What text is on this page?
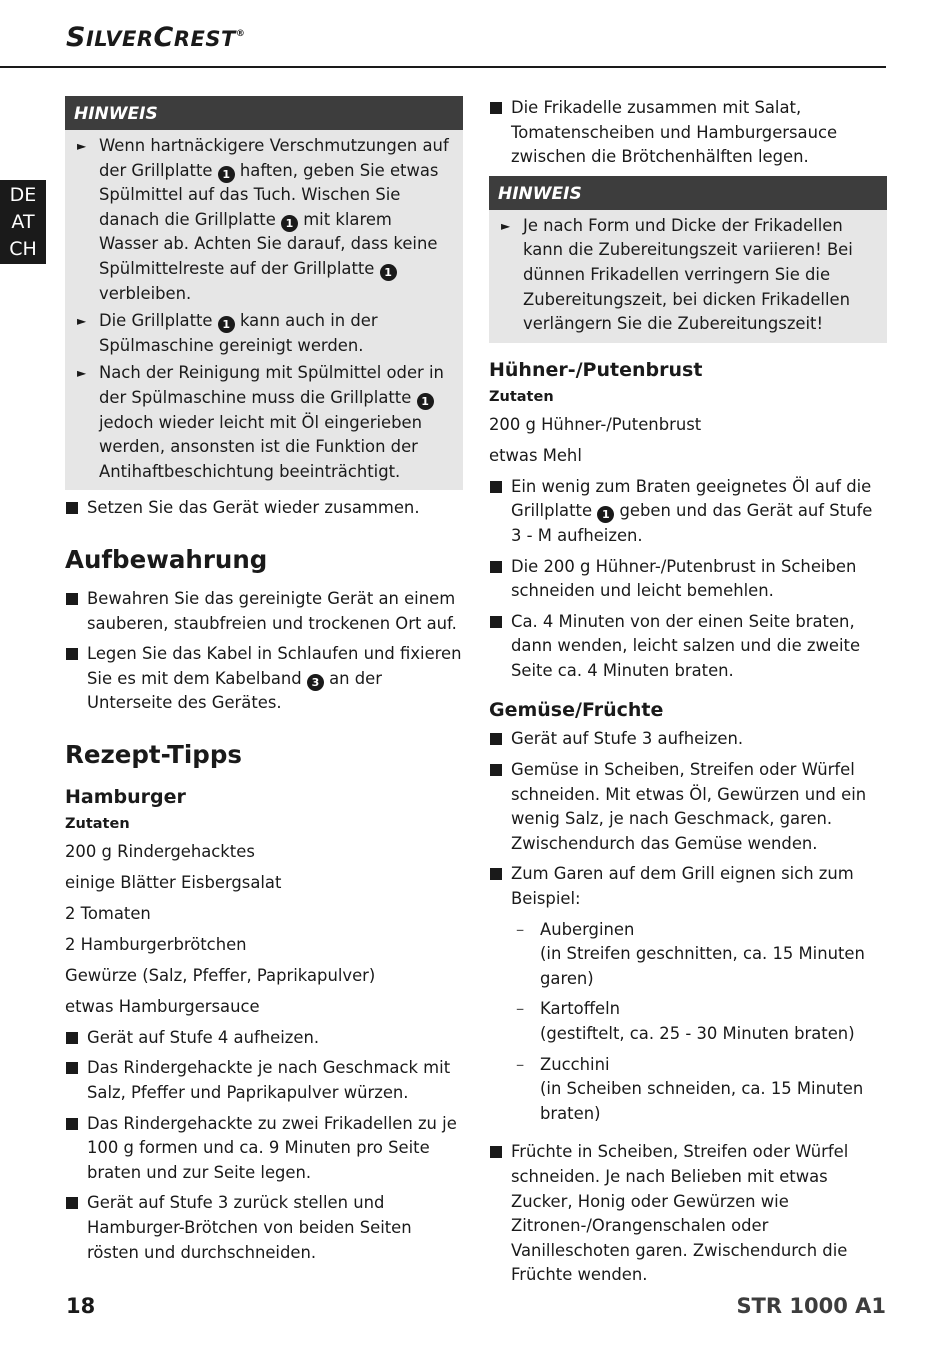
SILVERCREST®
DE
AT
CH
HINWEIS
► Wenn hartnäckigere Verschmutzungen auf der Grillplatte 1 haften, geben Sie etwas Spülmittel auf das Tuch. Wischen Sie danach die Grillplatte 1 mit klarem Wasser ab. Achten Sie darauf, dass keine Spülmittelreste auf der Grillplatte 1 verbleiben.
► Die Grillplatte 1 kann auch in der Spülmaschine gereinigt werden.
► Nach der Reinigung mit Spülmittel oder in der Spülmaschine muss die Grillplatte 1 jedoch wieder leicht mit Öl eingerieben werden, ansonsten ist die Funktion der Antihaftbeschichtung beeinträchtigt.
Setzen Sie das Gerät wieder zusammen.
Aufbewahrung
Bewahren Sie das gereinigte Gerät an einem sauberen, staubfreien und trockenen Ort auf.
Legen Sie das Kabel in Schlaufen und fixieren Sie es mit dem Kabelband 3 an der Unterseite des Gerätes.
Rezept-Tipps
Hamburger
Zutaten
200 g Rindergehacktes
einige Blätter Eisbergsalat
2 Tomaten
2 Hamburgerbrötchen
Gewürze (Salz, Pfeffer, Paprikapulver)
etwas Hamburgersauce
Gerät auf Stufe 4 aufheizen.
Das Rindergehackte je nach Geschmack mit Salz, Pfeffer und Paprikapulver würzen.
Das Rindergehackte zu zwei Frikadellen zu je 100 g formen und ca. 9 Minuten pro Seite braten und zur Seite legen.
Gerät auf Stufe 3 zurück stellen und Hamburger-Brötchen von beiden Seiten rösten und durchschneiden.
Die Frikadelle zusammen mit Salat, Tomatenscheiben und Hamburgersauce zwischen die Brötchenhälften legen.
HINWEIS
► Je nach Form und Dicke der Frikadellen kann die Zubereitungszeit variieren! Bei dünnen Frikadellen verringern Sie die Zubereitungszeit, bei dicken Frikadellen verlängern Sie die Zubereitungszeit!
Hühner-/Putenbrust
Zutaten
200 g Hühner-/Putenbrust
etwas Mehl
Ein wenig zum Braten geeignetes Öl auf die Grillplatte 1 geben und das Gerät auf Stufe 3 - M aufheizen.
Die 200 g Hühner-/Putenbrust in Scheiben schneiden und leicht bemehlen.
Ca. 4 Minuten von der einen Seite braten, dann wenden, leicht salzen und die zweite Seite ca. 4 Minuten braten.
Gemüse/Früchte
Gerät auf Stufe 3 aufheizen.
Gemüse in Scheiben, Streifen oder Würfel schneiden. Mit etwas Öl, Gewürzen und ein wenig Salz, je nach Geschmack, garen. Zwischendurch das Gemüse wenden.
Zum Garen auf dem Grill eignen sich zum Beispiel:
– Auberginen
(in Streifen geschnitten, ca. 15 Minuten garen)
– Kartoffeln
(gestiftelt, ca. 25 - 30 Minuten braten)
– Zucchini
(in Scheiben schneiden, ca. 15 Minuten braten)
Früchte in Scheiben, Streifen oder Würfel schneiden. Je nach Belieben mit etwas Zucker, Honig oder Gewürzen wie Zitronen-/Orangenschalen oder Vanilleschoten garen. Zwischendurch die Früchte wenden.
18	STR 1000 A1
